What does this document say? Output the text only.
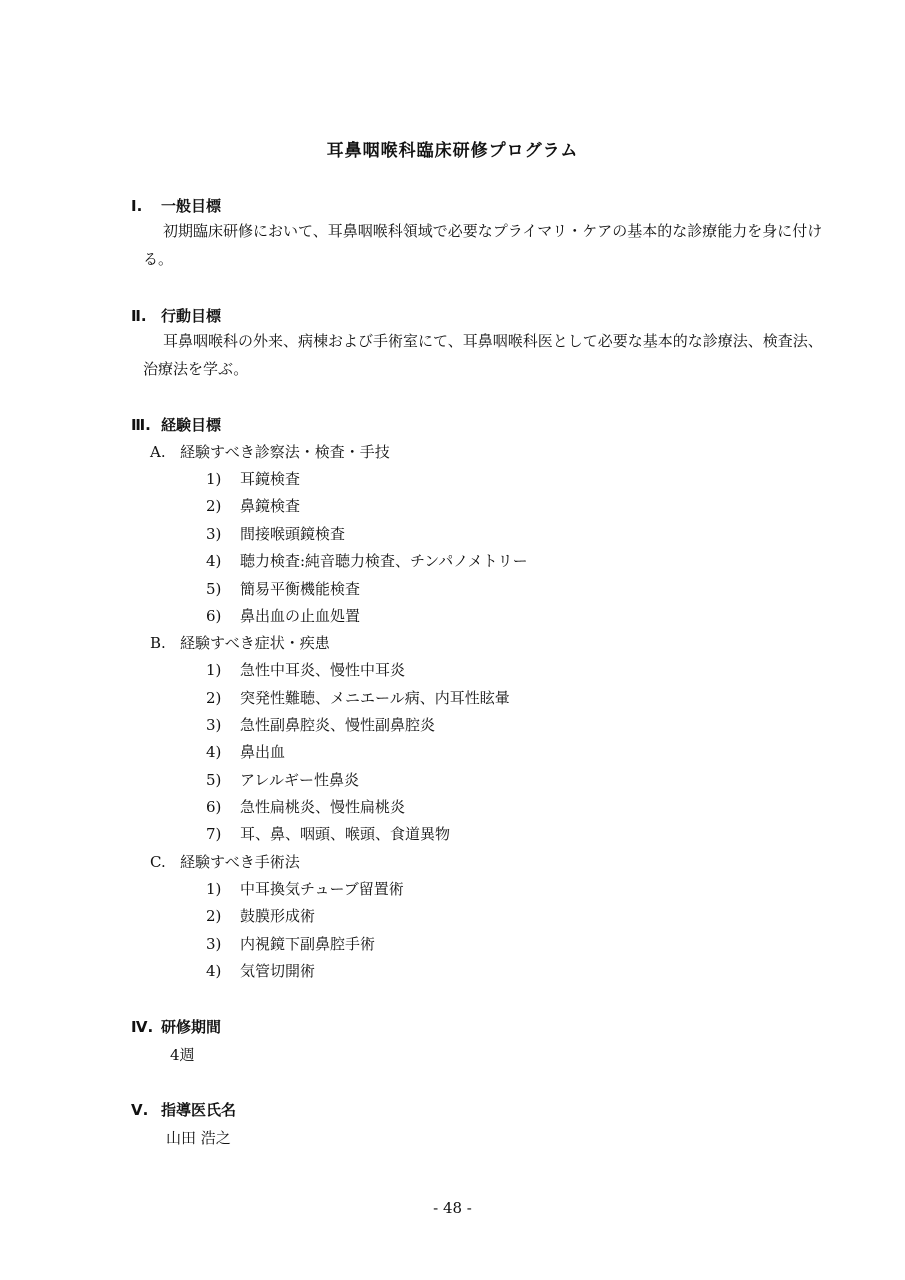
耳鼻咽喉科臨床研修プログラム
Ⅰ. 一般目標
初期臨床研修において、耳鼻咽喉科領域で必要なプライマリ・ケアの基本的な診療能力を身に付ける。
Ⅱ. 行動目標
耳鼻咽喉科の外来、病棟および手術室にて、耳鼻咽喉科医として必要な基本的な診療法、検査法、治療法を学ぶ。
Ⅲ. 経験目標
A. 経験すべき診察法・検査・手技
1) 耳鏡検査
2) 鼻鏡検査
3) 間接喉頭鏡検査
4) 聴力検査:純音聴力検査、チンパノメトリー
5) 簡易平衡機能検査
6) 鼻出血の止血処置
B. 経験すべき症状・疾患
1) 急性中耳炎、慢性中耳炎
2) 突発性難聴、メニエール病、内耳性眩暈
3) 急性副鼻腔炎、慢性副鼻腔炎
4) 鼻出血
5) アレルギー性鼻炎
6) 急性扁桃炎、慢性扁桃炎
7) 耳、鼻、咽頭、喉頭、食道異物
C. 経験すべき手術法
1) 中耳換気チューブ留置術
2) 鼓膜形成術
3) 内視鏡下副鼻腔手術
4) 気管切開術
Ⅳ. 研修期間
4週
Ⅴ. 指導医氏名
山田 浩之
- 48 -
